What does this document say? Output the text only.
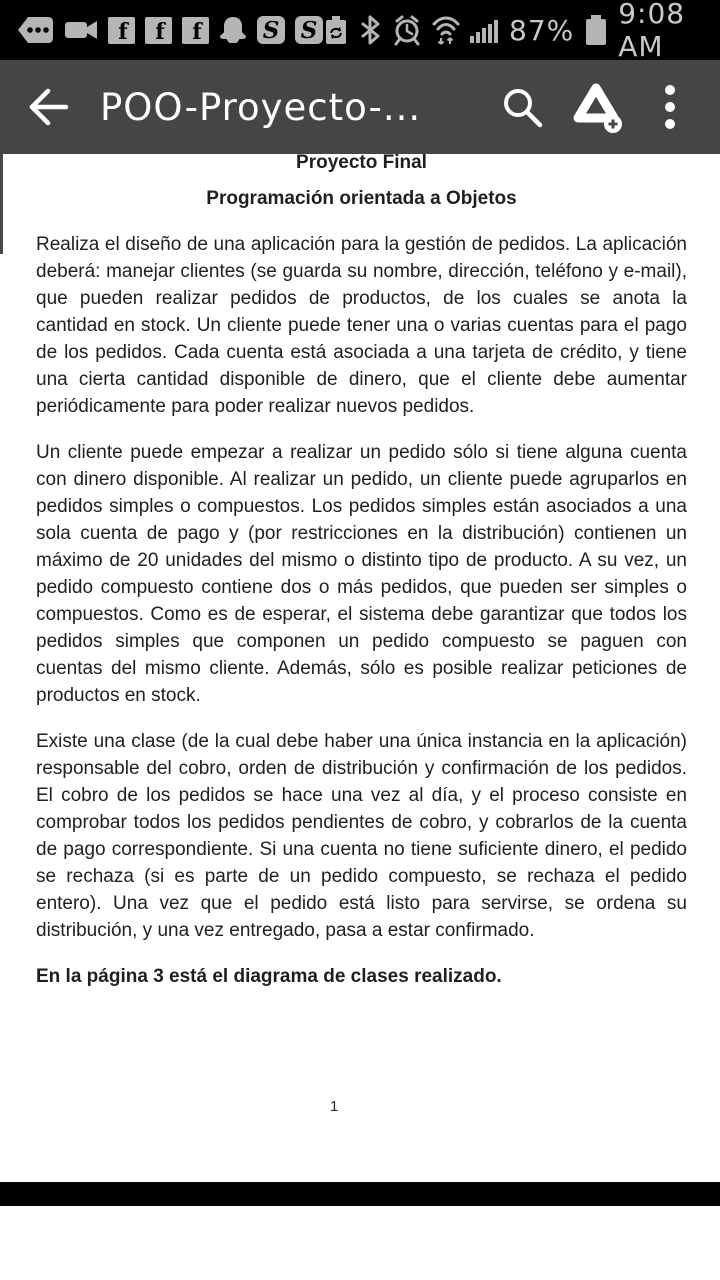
f f f	S S	87% 9:08 AM
POO-Proyecto-...
Proyecto Final
Programación orientada a Objetos

Realiza el diseño de una aplicación para la gestión de pedidos. La aplicación deberá: manejar clientes (se guarda su nombre, dirección, teléfono y e-mail), que pueden realizar pedidos de productos, de los cuales se anota la cantidad en stock. Un cliente puede tener una o varias cuentas para el pago de los pedidos. Cada cuenta está asociada a una tarjeta de crédito, y tiene una cierta cantidad disponible de dinero, que el cliente debe aumentar periódicamente para poder realizar nuevos pedidos.

Un cliente puede empezar a realizar un pedido sólo si tiene alguna cuenta con dinero disponible. Al realizar un pedido, un cliente puede agruparlos en pedidos simples o compuestos. Los pedidos simples están asociados a una sola cuenta de pago y (por restricciones en la distribución) contienen un máximo de 20 unidades del mismo o distinto tipo de producto. A su vez, un pedido compuesto contiene dos o más pedidos, que pueden ser simples o compuestos. Como es de esperar, el sistema debe garantizar que todos los pedidos simples que componen un pedido compuesto se paguen con cuentas del mismo cliente. Además, sólo es posible realizar peticiones de productos en stock.

Existe una clase (de la cual debe haber una única instancia en la aplicación) responsable del cobro, orden de distribución y confirmación de los pedidos. El cobro de los pedidos se hace una vez al día, y el proceso consiste en comprobar todos los pedidos pendientes de cobro, y cobrarlos de la cuenta de pago correspondiente. Si una cuenta no tiene suficiente dinero, el pedido se rechaza (si es parte de un pedido compuesto, se rechaza el pedido entero). Una vez que el pedido está listo para servirse, se ordena su distribución, y una vez entregado, pasa a estar confirmado.

En la página 3 está el diagrama de clases realizado.

1
